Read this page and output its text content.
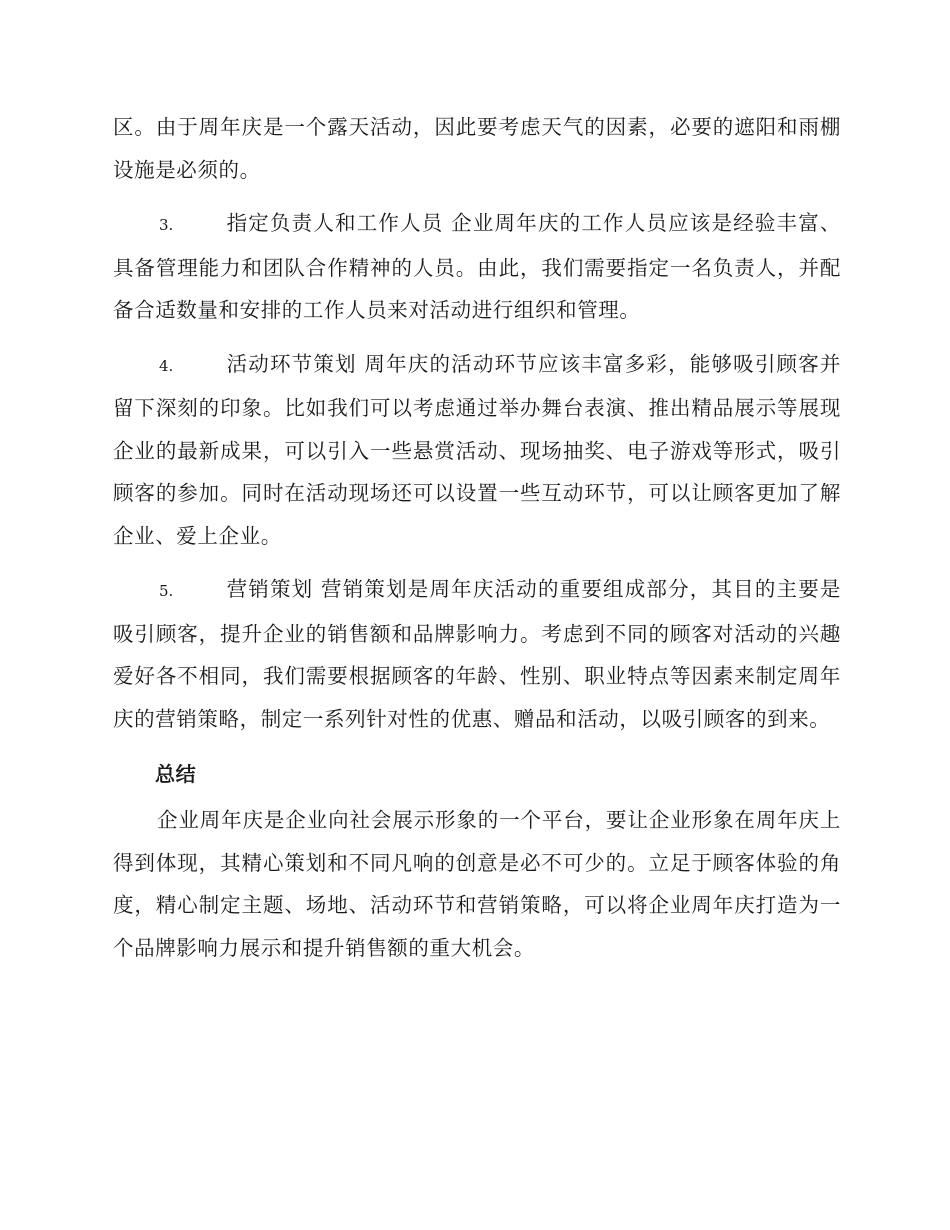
区。由于周年庆是一个露天活动，因此要考虑天气的因素，必要的遮阳和雨棚设施是必须的。

3.	指定负责人和工作人员 企业周年庆的工作人员应该是经验丰富、具备管理能力和团队合作精神的人员。由此，我们需要指定一名负责人，并配备合适数量和安排的工作人员来对活动进行组织和管理。

4.	活动环节策划 周年庆的活动环节应该丰富多彩，能够吸引顾客并留下深刻的印象。比如我们可以考虑通过举办舞台表演、推出精品展示等展现企业的最新成果，可以引入一些悬赏活动、现场抽奖、电子游戏等形式，吸引顾客的参加。同时在活动现场还可以设置一些互动环节，可以让顾客更加了解企业、爱上企业。

5.	营销策划 营销策划是周年庆活动的重要组成部分，其目的主要是吸引顾客，提升企业的销售额和品牌影响力。考虑到不同的顾客对活动的兴趣爱好各不相同，我们需要根据顾客的年龄、性别、职业特点等因素来制定周年庆的营销策略，制定一系列针对性的优惠、赠品和活动，以吸引顾客的到来。

总结

企业周年庆是企业向社会展示形象的一个平台，要让企业形象在周年庆上得到体现，其精心策划和不同凡响的创意是必不可少的。立足于顾客体验的角度，精心制定主题、场地、活动环节和营销策略，可以将企业周年庆打造为一个品牌影响力展示和提升销售额的重大机会。
